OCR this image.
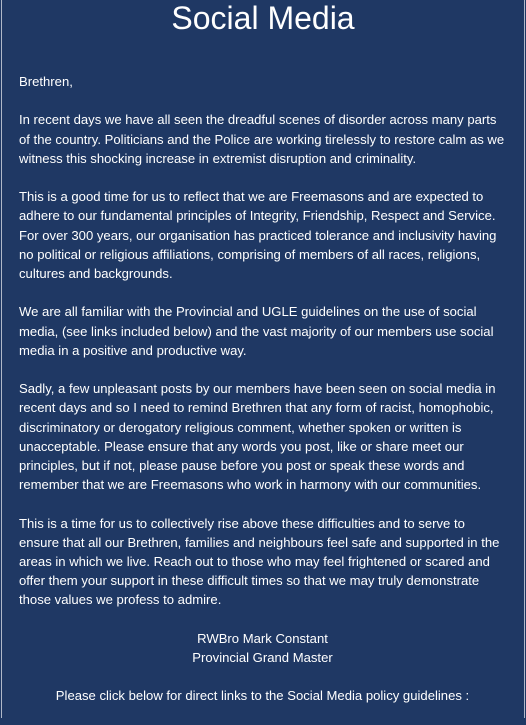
Social Media

Brethren,

In recent days we have all seen the dreadful scenes of disorder across many parts of the country. Politicians and the Police are working tirelessly to restore calm as we witness this shocking increase in extremist disruption and criminality.

This is a good time for us to reflect that we are Freemasons and are expected to adhere to our fundamental principles of Integrity, Friendship, Respect and Service. For over 300 years, our organisation has practiced tolerance and inclusivity having no political or religious affiliations, comprising of members of all races, religions, cultures and backgrounds.

We are all familiar with the Provincial and UGLE guidelines on the use of social media, (see links included below) and the vast majority of our members use social media in a positive and productive way.

Sadly, a few unpleasant posts by our members have been seen on social media in recent days and so I need to remind Brethren that any form of racist, homophobic, discriminatory or derogatory religious comment, whether spoken or written is unacceptable. Please ensure that any words you post, like or share meet our principles, but if not, please pause before you post or speak these words and remember that we are Freemasons who work in harmony with our communities.

This is a time for us to collectively rise above these difficulties and to serve to ensure that all our Brethren, families and neighbours feel safe and supported in the areas in which we live. Reach out to those who may feel frightened or scared and offer them your support in these difficult times so that we may truly demonstrate those values we profess to admire.

RWBro Mark Constant
Provincial Grand Master

Please click below for direct links to the Social Media policy guidelines :
